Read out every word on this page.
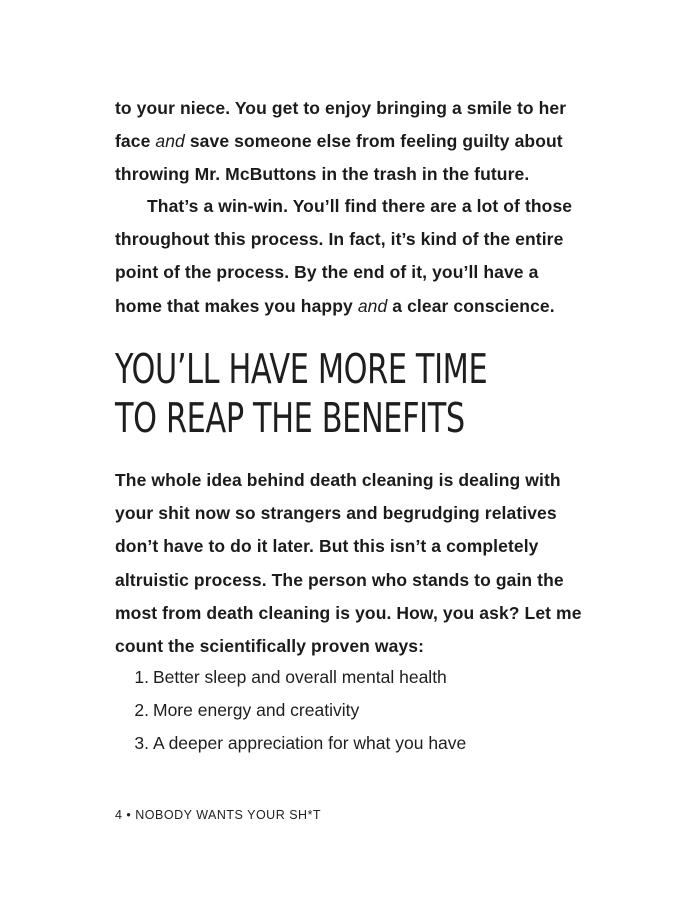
to your niece. You get to enjoy bringing a smile to her
face and save someone else from feeling guilty about
throwing Mr. McButtons in the trash in the future.
That’s a win-win. You’ll find there are a lot of those
throughout this process. In fact, it’s kind of the entire
point of the process. By the end of it, you’ll have a
home that makes you happy and a clear conscience.
YOU’LL HAVE MORE TIME
TO REAP THE BENEFITS
The whole idea behind death cleaning is dealing with
your shit now so strangers and begrudging relatives
don’t have to do it later. But this isn’t a completely
altruistic process. The person who stands to gain the
most from death cleaning is you. How, you ask? Let me
count the scientifically proven ways:
1. Better sleep and overall mental health
2. More energy and creativity
3. A deeper appreciation for what you have
4 • NOBODY WANTS YOUR SH*T
